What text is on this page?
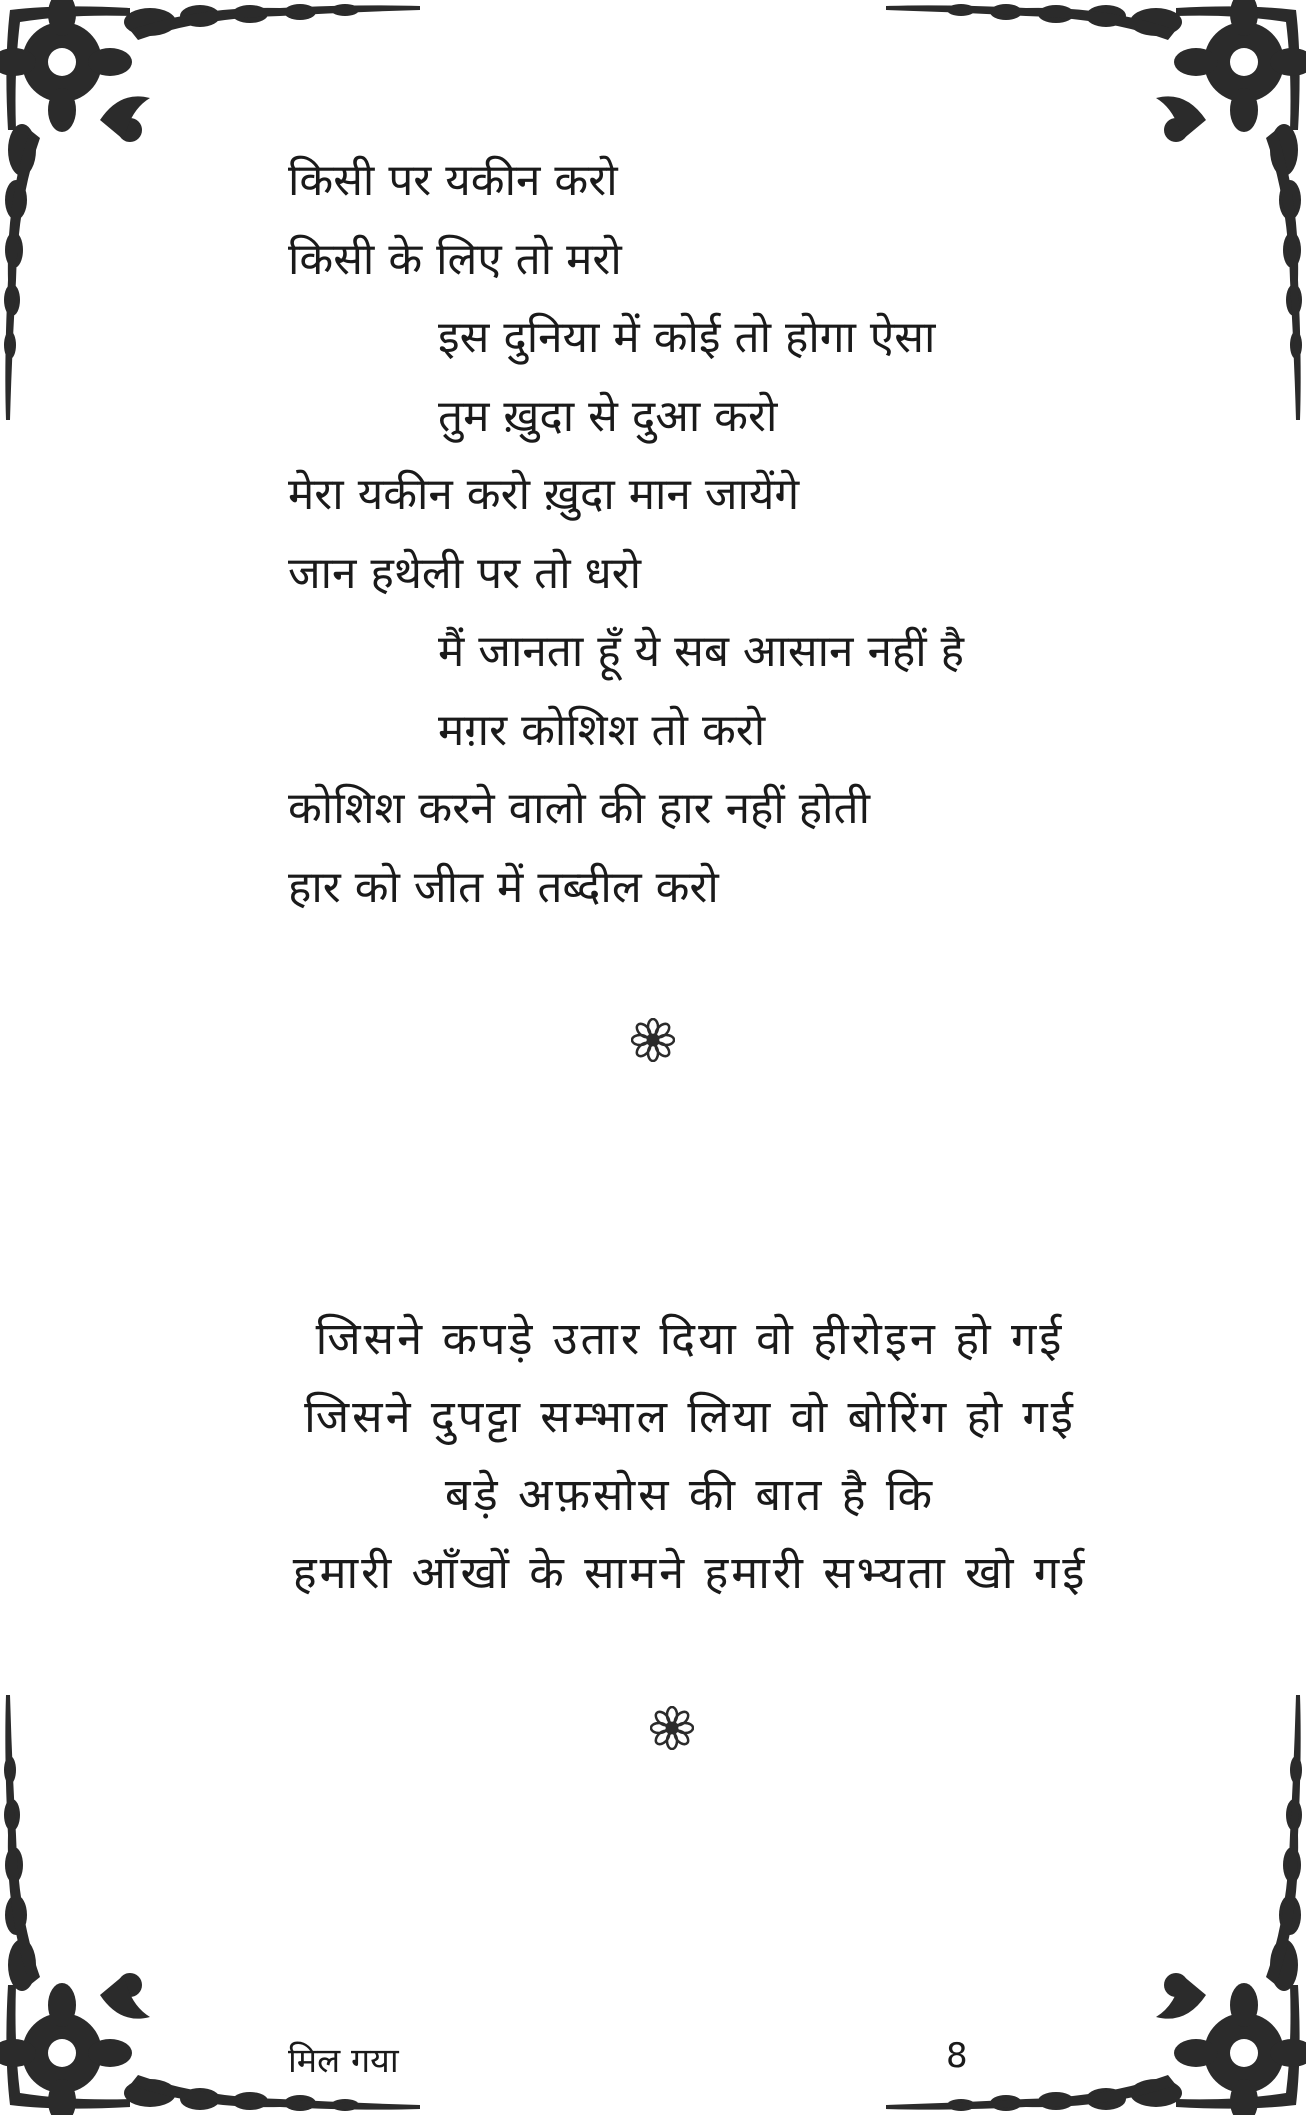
किसी पर यकीन करो
किसी के लिए तो मरो
इस दुनिया में कोई तो होगा ऐसा
तुम ख़ुदा से दुआ करो
मेरा यकीन करो ख़ुदा मान जायेंगे
जान हथेली पर तो धरो
मैं जानता हूँ ये सब आसान नहीं है
मग़र कोशिश तो करो
कोशिश करने वालो की हार नहीं होती
हार को जीत में तब्दील करो
जिसने कपड़े उतार दिया वो हीरोइन हो गई
जिसने दुपट्टा सम्भाल लिया वो बोरिंग हो गई
बड़े अफ़सोस की बात है कि
हमारी आँखों के सामने हमारी सभ्यता खो गई
मिल गया	8
